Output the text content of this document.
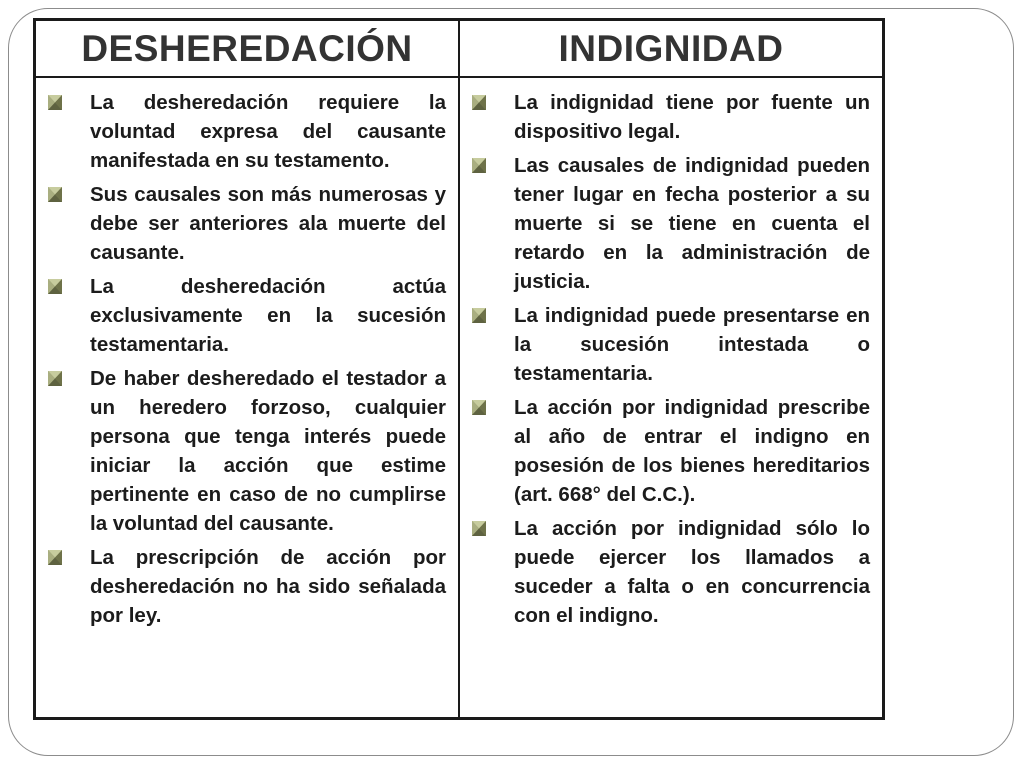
DESHEREDACIÓN	INDIGNIDAD
La desheredación requiere la voluntad expresa del causante manifestada en su testamento.
Sus causales son más numerosas y debe ser anteriores ala muerte del causante.
La desheredación actúa exclusivamente en la sucesión testamentaria.
De haber desheredado el testador a un heredero forzoso, cualquier persona que tenga interés puede iniciar la acción que estime pertinente en caso de no cumplirse la voluntad del causante.
La prescripción de acción por desheredación no ha sido señalada por ley.
La indignidad tiene por fuente un dispositivo legal.
Las causales de indignidad pueden tener lugar en fecha posterior a su muerte si se tiene en cuenta el retardo en la administración de justicia.
La indignidad puede presentarse en la sucesión intestada o testamentaria.
La acción por indignidad prescribe al año de entrar el indigno en posesión de los bienes hereditarios (art. 668° del C.C.).
La acción por indignidad sólo lo puede ejercer los llamados a suceder a falta o en concurrencia con el indigno.
